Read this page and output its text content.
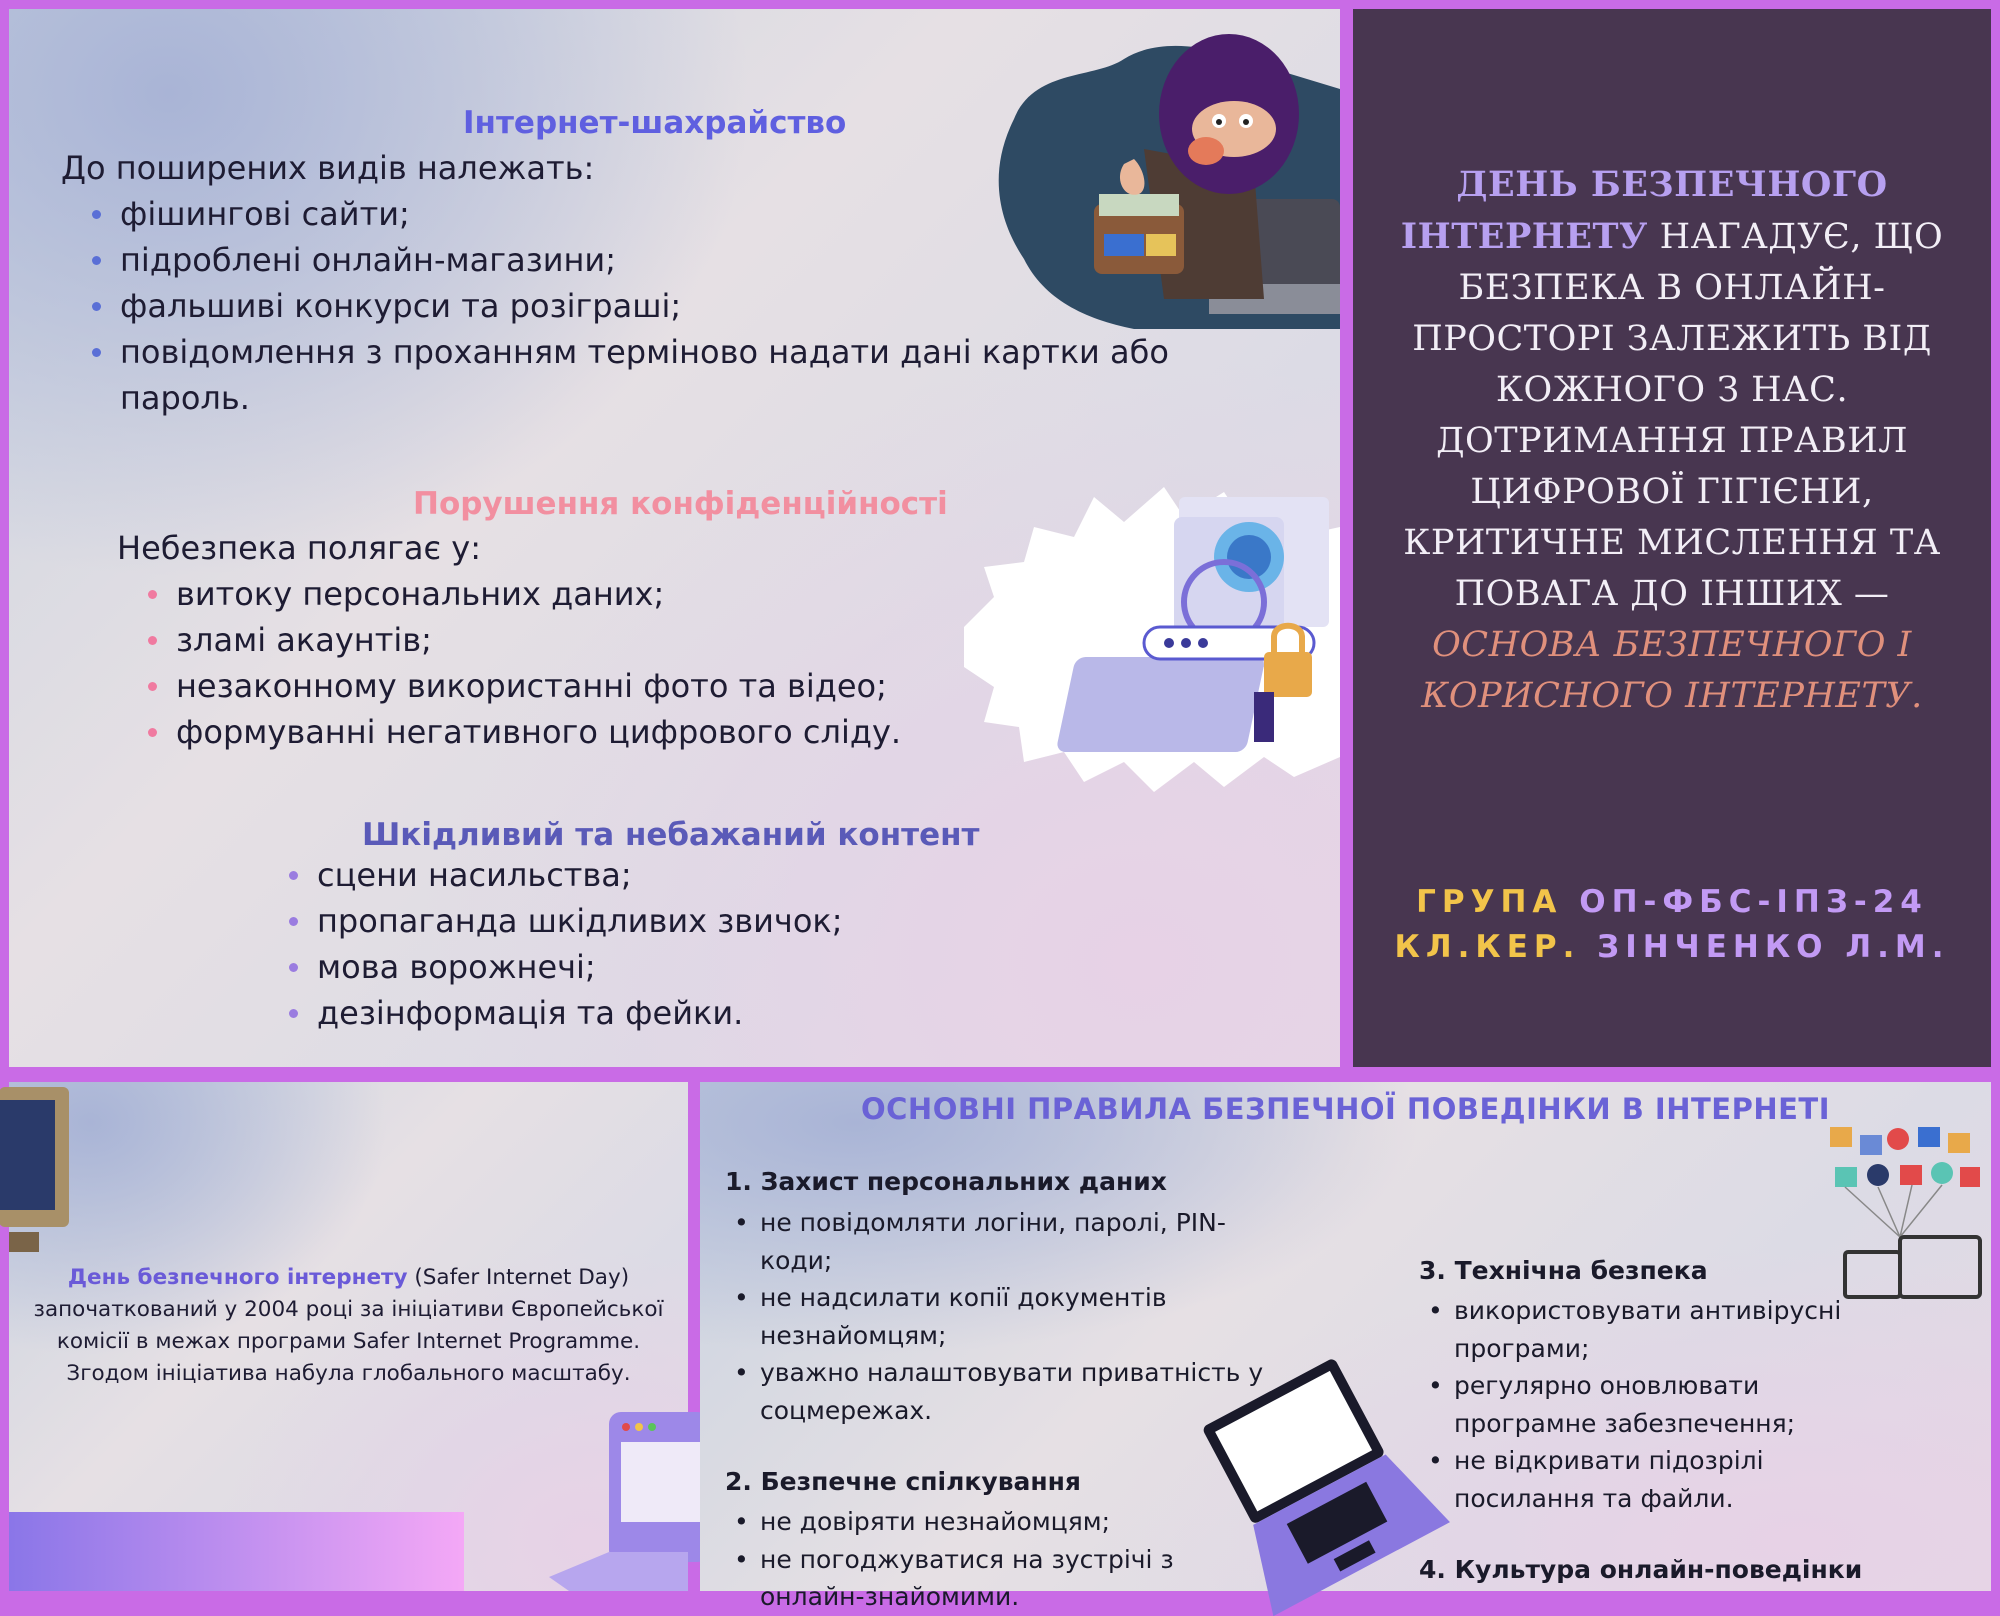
Інтернет-шахрайство
До поширених видів належать:
фішингові сайти;
підроблені онлайн-магазини;
фальшиві конкурси та розіграші;
повідомлення з проханням терміново надати дані картки або пароль.
Порушення конфіденційності
Небезпека полягає у:
витоку персональних даних;
зламі акаунтів;
незаконному використанні фото та відео;
формуванні негативного цифрового сліду.
Шкідливий та небажаний контент
сцени насильства;
пропаганда шкідливих звичок;
мова ворожнечі;
дезінформація та фейки.
ДЕНЬ БЕЗПЕЧНОГО ІНТЕРНЕТУ НАГАДУЄ, ЩО БЕЗПЕКА В ОНЛАЙН-ПРОСТОРІ ЗАЛЕЖИТЬ ВІД КОЖНОГО З НАС. ДОТРИМАННЯ ПРАВИЛ ЦИФРОВОЇ ГІГІЄНИ, КРИТИЧНЕ МИСЛЕННЯ ТА ПОВАГА ДО ІНШИХ — ОСНОВА БЕЗПЕЧНОГО І КОРИСНОГО ІНТЕРНЕТУ.
ГРУПА ОП-ФБС-ІПЗ-24
КЛ.КЕР. ЗІНЧЕНКО Л.М.
День безпечного інтернету (Safer Internet Day) започаткований у 2004 році за ініціативи Європейської комісії в межах програми Safer Internet Programme. Згодом ініціатива набула глобального масштабу.
ОСНОВНІ ПРАВИЛА БЕЗПЕЧНОЇ ПОВЕДІНКИ В ІНТЕРНЕТІ
1. Захист персональних даних
• не повідомляти логіни, паролі, PIN-коди;
• не надсилати копії документів незнайомцям;
• уважно налаштовувати приватність у соцмережах.
2. Безпечне спілкування
• не довіряти незнайомцям;
• не погоджуватися на зустрічі з онлайн-знайомими.
3. Технічна безпека
• використовувати антивірусні програми;
• регулярно оновлювати програмне забезпечення;
• не відкривати підозрілі посилання та файли.
4. Культура онлайн-поведінки
